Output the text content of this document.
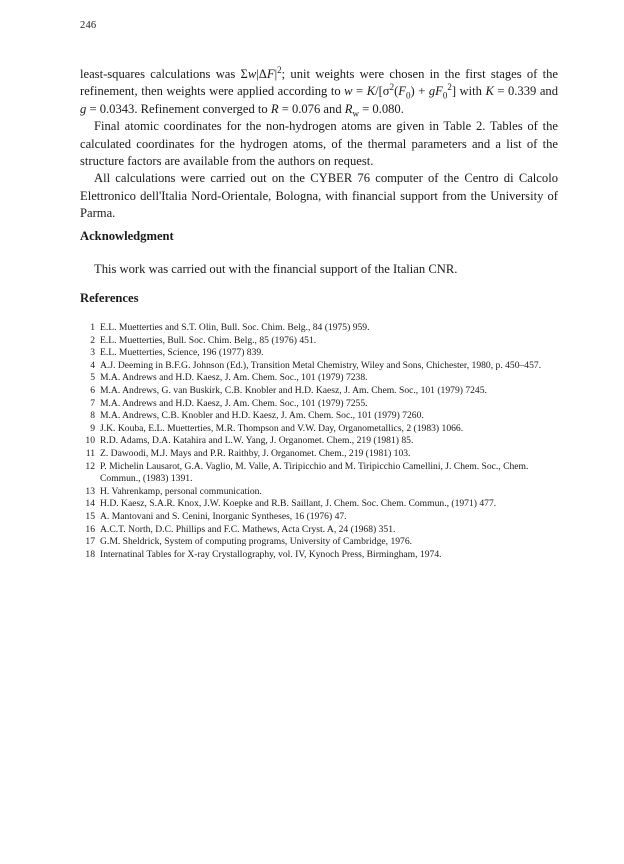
246

least-squares calculations was $\Sigma w|\Delta F|^2$; unit weights were chosen in the first stages of the refinement, then weights were applied according to $w = K/[\sigma^2(F_0) + gF_0^2]$ with K = 0.339 and g = 0.0343. Refinement converged to R = 0.076 and $R_w = 0.080$.

Final atomic coordinates for the non-hydrogen atoms are given in Table 2. Tables of the calculated coordinates for the hydrogen atoms, of the thermal parameters and a list of the structure factors are available from the authors on request.

All calculations were carried out on the CYBER 76 computer of the Centro di Calcolo Elettronico dell'Italia Nord-Orientale, Bologna, with financial support from the University of Parma.

Acknowledgment
This work was carried out with the financial support of the Italian CNR.
References
1 E.L. Muetterties and S.T. Olin, Bull. Soc. Chim. Belg., 84 (1975) 959.
2 E.L. Muetterties, Bull. Soc. Chim. Belg., 85 (1976) 451.
3 E.L. Muetterties, Science, 196 (1977) 839.
4 A.J. Deeming in B.F.G. Johnson (Ed.), Transition Metal Chemistry, Wiley and Sons, Chichester, 1980, p. 450–457.
5 M.A. Andrews and H.D. Kaesz, J. Am. Chem. Soc., 101 (1979) 7238.
6 M.A. Andrews, G. van Buskirk, C.B. Knobler and H.D. Kaesz, J. Am. Chem. Soc., 101 (1979) 7245.
7 M.A. Andrews and H.D. Kaesz, J. Am. Chem. Soc., 101 (1979) 7255.
8 M.A. Andrews, C.B. Knobler and H.D. Kaesz, J. Am. Chem. Soc., 101 (1979) 7260.
9 J.K. Kouba, E.L. Muetterties, M.R. Thompson and V.W. Day, Organometallics, 2 (1983) 1066.
10 R.D. Adams, D.A. Katahira and L.W. Yang, J. Organomet. Chem., 219 (1981) 85.
11 Z. Dawoodi, M.J. Mays and P.R. Raithby, J. Organomet. Chem., 219 (1981) 103.
12 P. Michelin Lausarot, G.A. Vaglio, M. Valle, A. Tiripicchio and M. Tiripicchio Camellini, J. Chem. Soc., Chem. Commun., (1983) 1391.
13 H. Vahrenkamp, personal communication.
14 H.D. Kaesz, S.A.R. Knox, J.W. Koepke and R.B. Saillant, J. Chem. Soc. Chem. Commun., (1971) 477.
15 A. Mantovani and S. Cenini, Inorganic Syntheses, 16 (1976) 47.
16 A.C.T. North, D.C. Phillips and F.C. Mathews, Acta Cryst. A, 24 (1968) 351.
17 G.M. Sheldrick, System of computing programs, University of Cambridge, 1976.
18 Internatinal Tables for X-ray Crystallography, vol. IV, Kynoch Press, Birmingham, 1974.
